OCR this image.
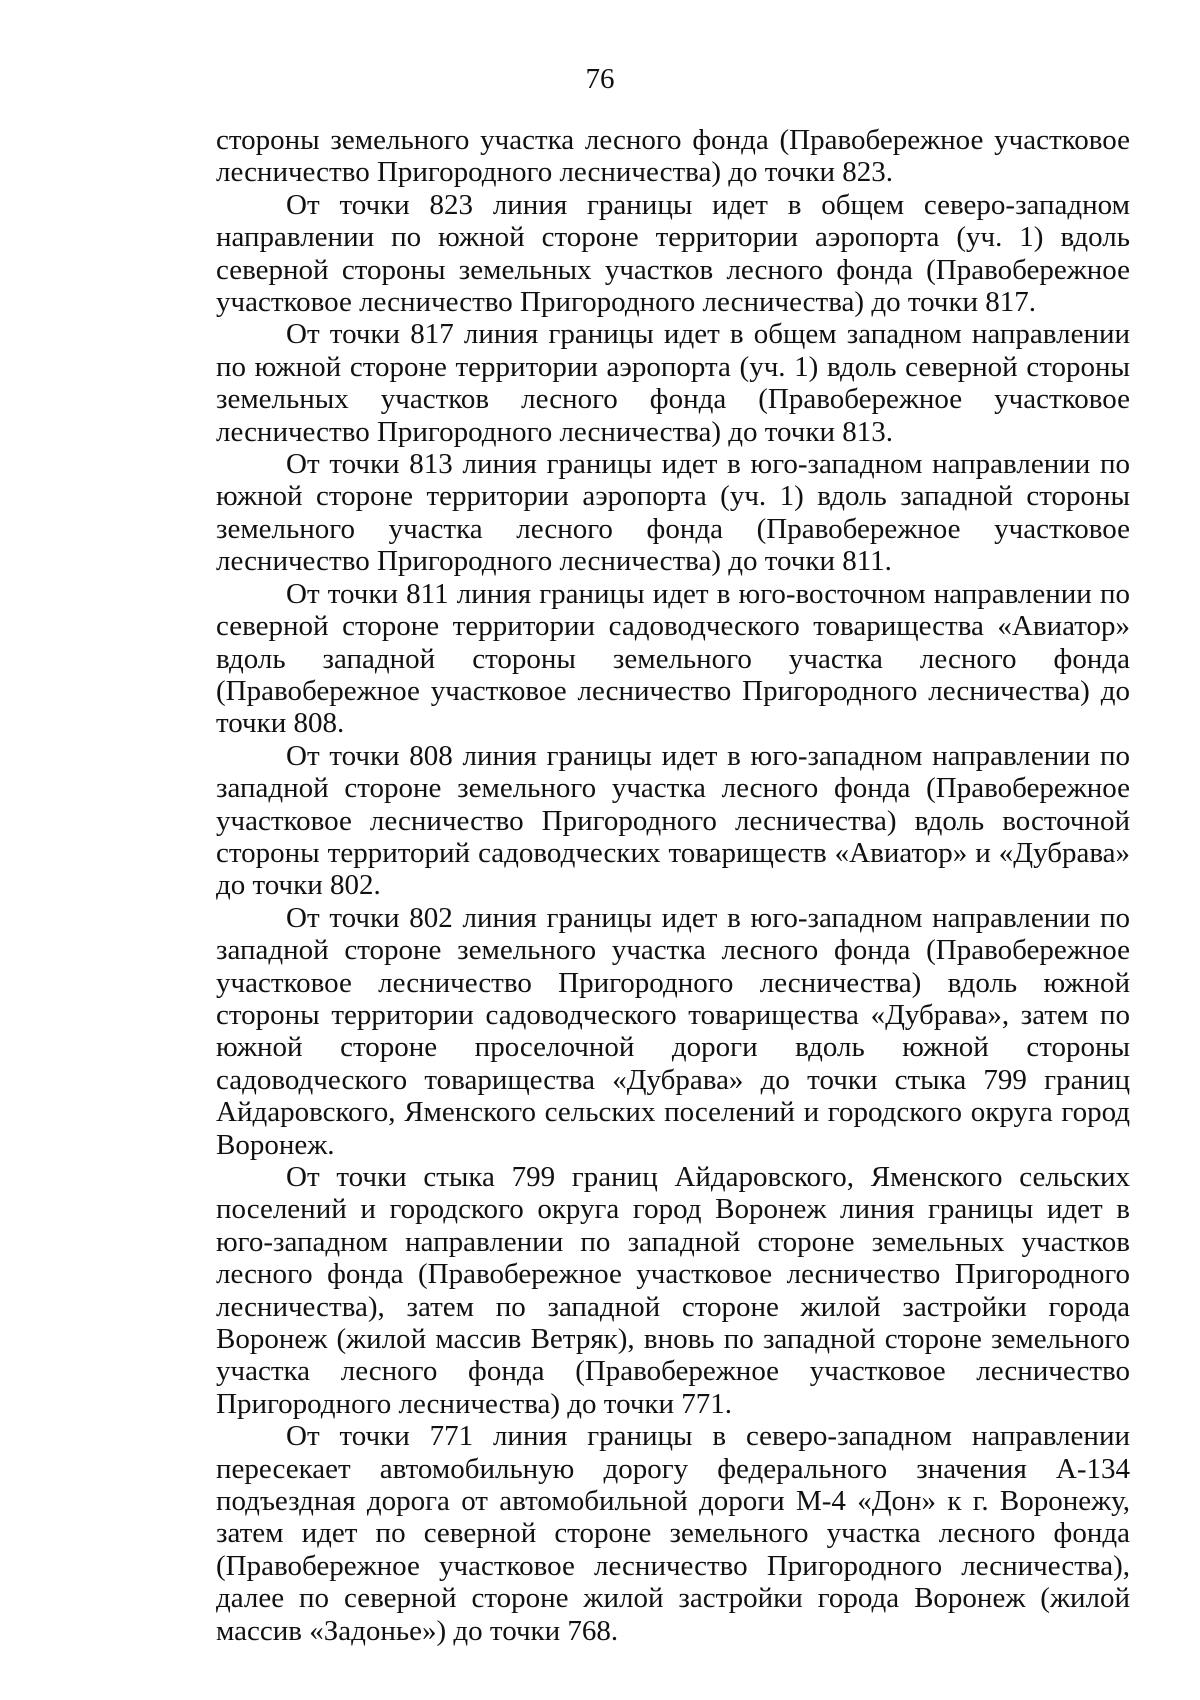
76

стороны земельного участка лесного фонда (Правобережное участковое лесничество Пригородного лесничества) до точки 823.

От точки 823 линия границы идет в общем северо-западном направлении по южной стороне территории аэропорта (уч. 1) вдоль северной стороны земельных участков лесного фонда (Правобережное участковое лесничество Пригородного лесничества) до точки 817.

От точки 817 линия границы идет в общем западном направлении по южной стороне территории аэропорта (уч. 1) вдоль северной стороны земельных участков лесного фонда (Правобережное участковое лесничество Пригородного лесничества) до точки 813.

От точки 813 линия границы идет в юго-западном направлении по южной стороне территории аэропорта (уч. 1) вдоль западной стороны земельного участка лесного фонда (Правобережное участковое лесничество Пригородного лесничества) до точки 811.

От точки 811 линия границы идет в юго-восточном направлении по северной стороне территории садоводческого товарищества «Авиатор» вдоль западной стороны земельного участка лесного фонда (Правобережное участковое лесничество Пригородного лесничества) до точки 808.

От точки 808 линия границы идет в юго-западном направлении по западной стороне земельного участка лесного фонда (Правобережное участковое лесничество Пригородного лесничества) вдоль восточной стороны территорий садоводческих товариществ «Авиатор» и «Дубрава» до точки 802.

От точки 802 линия границы идет в юго-западном направлении по западной стороне земельного участка лесного фонда (Правобережное участковое лесничество Пригородного лесничества) вдоль южной стороны территории садоводческого товарищества «Дубрава», затем по южной стороне проселочной дороги вдоль южной стороны садоводческого товарищества «Дубрава» до точки стыка 799 границ Айдаровского, Яменского сельских поселений и городского округа город Воронеж.

От точки стыка 799 границ Айдаровского, Яменского сельских поселений и городского округа город Воронеж линия границы идет в юго-западном направлении по западной стороне земельных участков лесного фонда (Правобережное участковое лесничество Пригородного лесничества), затем по западной стороне жилой застройки города Воронеж (жилой массив Ветряк), вновь по западной стороне земельного участка лесного фонда (Правобережное участковое лесничество Пригородного лесничества) до точки 771.

От точки 771 линия границы в северо-западном направлении пересекает автомобильную дорогу федерального значения А-134 подъездная дорога от автомобильной дороги М-4 «Дон» к г. Воронежу, затем идет по северной стороне земельного участка лесного фонда (Правобережное участковое лесничество Пригородного лесничества), далее по северной стороне жилой застройки города Воронеж (жилой массив «Задонье») до точки 768.
